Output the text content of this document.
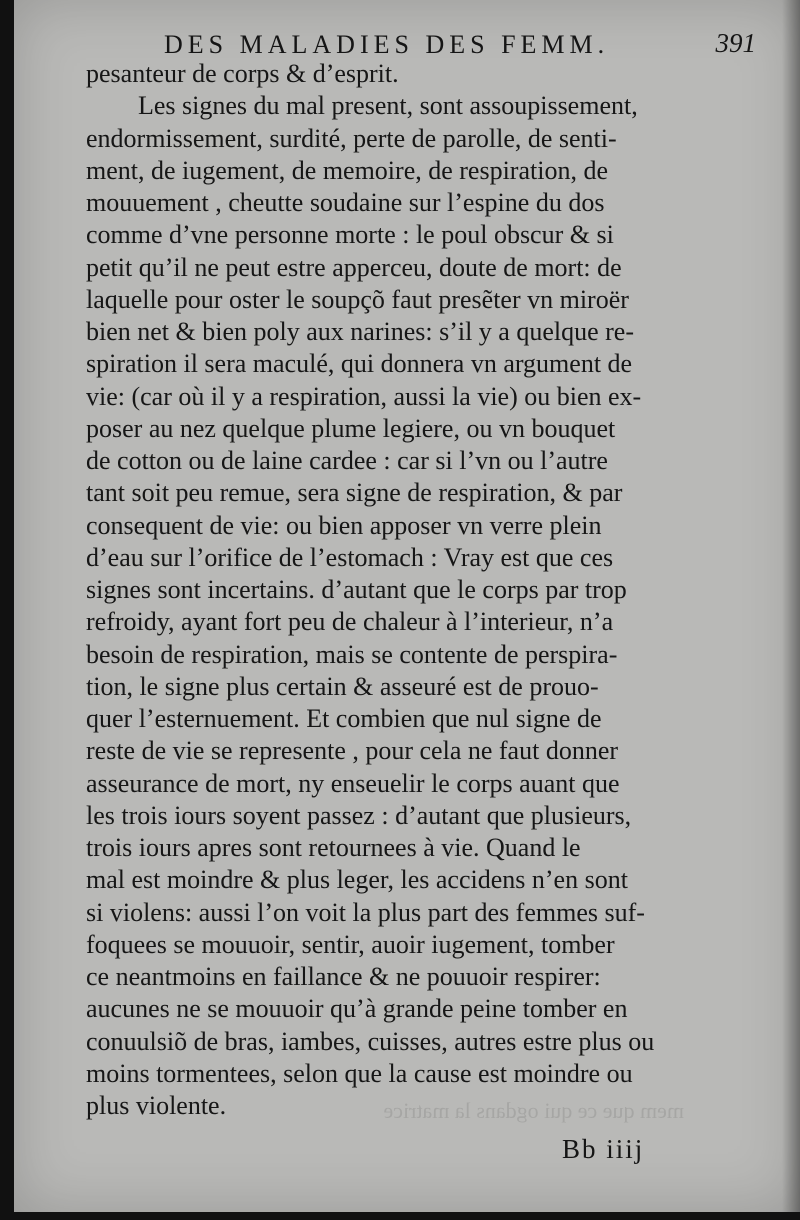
mem que ce qui ogdans la matrice
DES MALADIES DES FEMM.	391
pesanteur de corps & d’esprit.
Les signes du mal present, sont assoupissement,
endormissement, surdité, perte de parolle, de senti-
ment, de iugement, de memoire, de respiration, de
mouuement , cheutte soudaine sur l’espine du dos
comme d’vne personne morte : le poul obscur & si
petit qu’il ne peut estre apperceu, doute de mort: de
laquelle pour oster le soupçõ faut presẽter vn miroër
bien net & bien poly aux narines: s’il y a quelque re-
spiration il sera maculé, qui donnera vn argument de
vie: (car où il y a respiration, aussi la vie) ou bien ex-
poser au nez quelque plume legiere, ou vn bouquet
de cotton ou de laine cardee : car si l’vn ou l’autre
tant soit peu remue, sera signe de respiration, & par
consequent de vie: ou bien apposer vn verre plein
d’eau sur l’orifice de l’estomach : Vray est que ces
signes sont incertains. d’autant que le corps par trop
refroidy, ayant fort peu de chaleur à l’interieur, n’a
besoin de respiration, mais se contente de perspira-
tion, le signe plus certain & asseuré est de prouo-
quer l’esternuement. Et combien que nul signe de
reste de vie se represente , pour cela ne faut donner
asseurance de mort, ny enseuelir le corps auant que
les trois iours soyent passez : d’autant que plusieurs,
trois iours apres sont retournees à vie. Quand le
mal est moindre & plus leger, les accidens n’en sont
si violens: aussi l’on voit la plus part des femmes suf-
foquees se mouuoir, sentir, auoir iugement, tomber
ce neantmoins en faillance & ne pouuoir respirer:
aucunes ne se mouuoir qu’à grande peine tomber en
conuulsiõ de bras, iambes, cuisses, autres estre plus ou
moins tormentees, selon que la cause est moindre ou
plus violente.
Bb iiij
